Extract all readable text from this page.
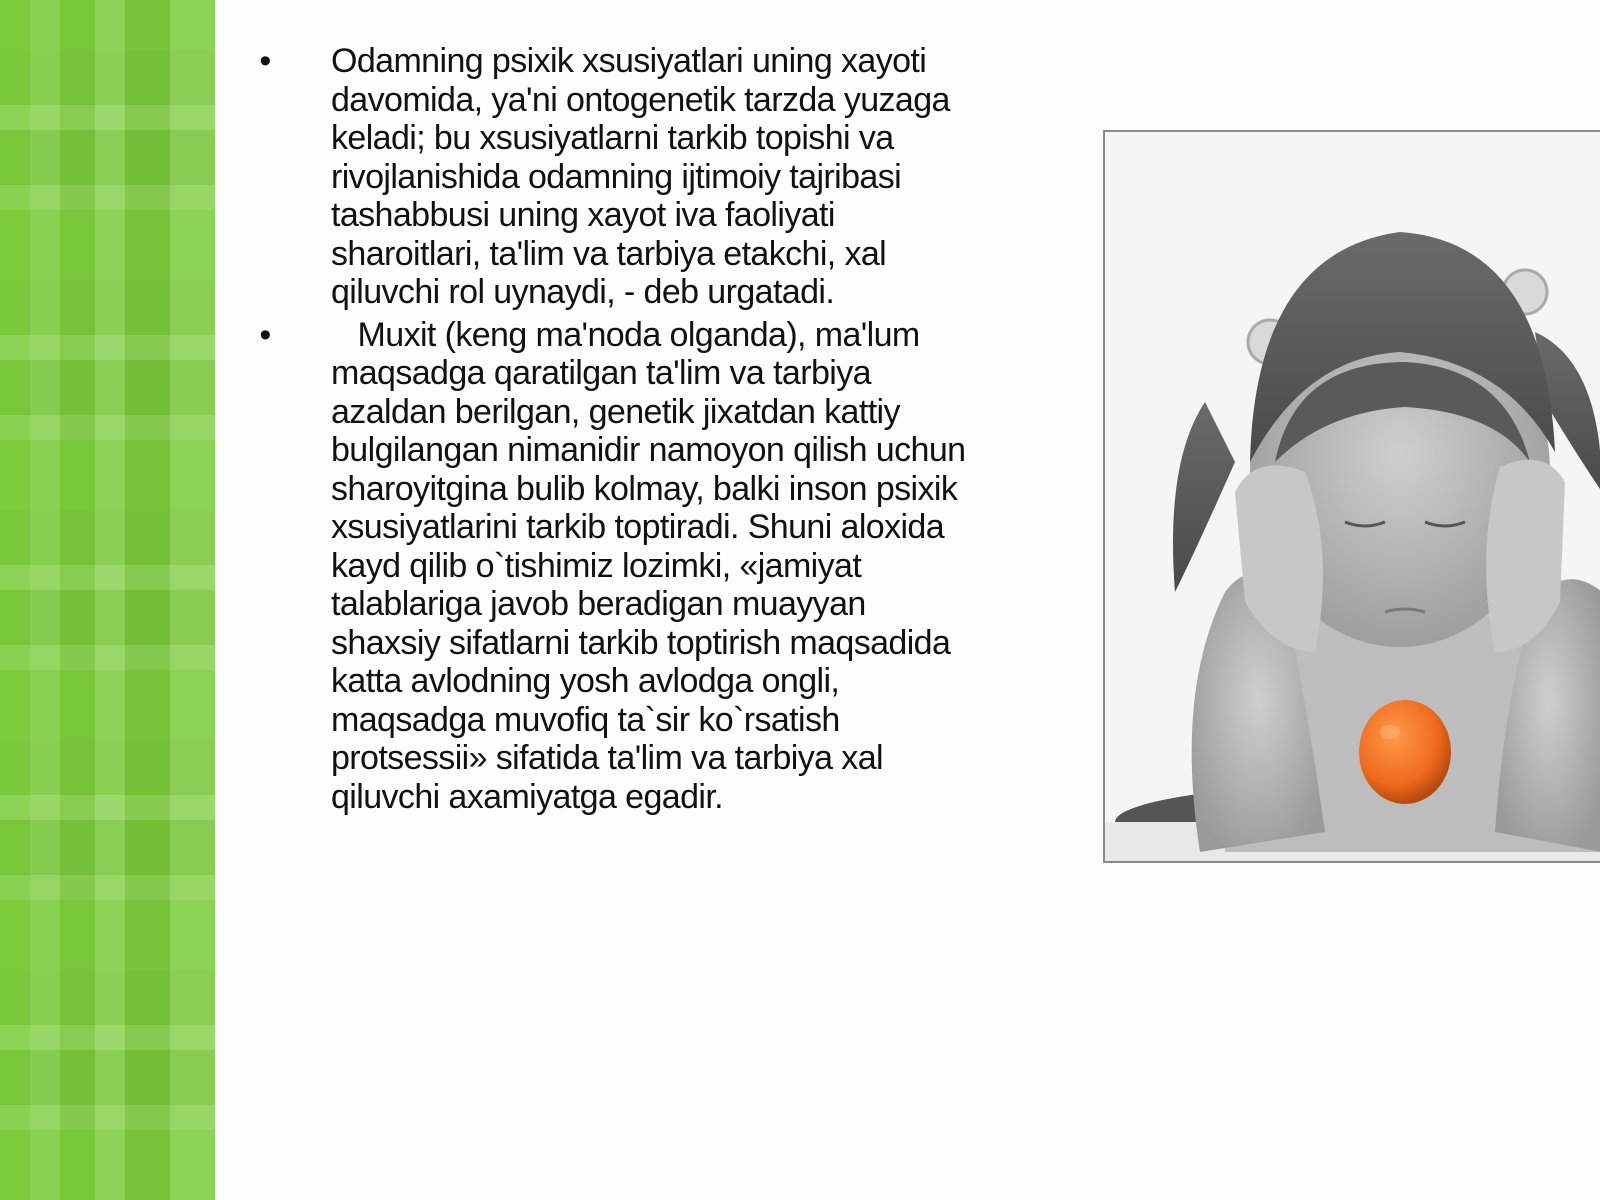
• Odamning psixik xsusiyatlari uning xayoti davomida, ya'ni ontogenetik tarzda yuzaga keladi; bu xsusiyatlarni tarkib topishi va rivojlanishida odamning ijtimoiy tajribasi tashabbusi uning xayot iva faoliyati sharoitlari, ta'lim va tarbiya etakchi, xal qiluvchi rol uynaydi, - deb urgatadi.
• Muxit (keng ma'noda olganda), ma'lum maqsadga qaratilgan ta'lim va tarbiya azaldan berilgan, genetik jixatdan kattiy bulgilangan nimanidir namoyon qilish uchun sharoyitgina bulib kolmay, balki inson psixik xsusiyatlarini tarkib toptiradi. Shuni aloxida kayd qilib o`tishimiz lozimki, «jamiyat talablariga javob beradigan muayyan shaxsiy sifatlarni tarkib toptirish maqsadida katta avlodning yosh avlodga ongli, maqsadga muvofiq ta`sir ko`rsatish protsessii» sifatida ta'lim va tarbiya xal qiluvchi axamiyatga egadir.
